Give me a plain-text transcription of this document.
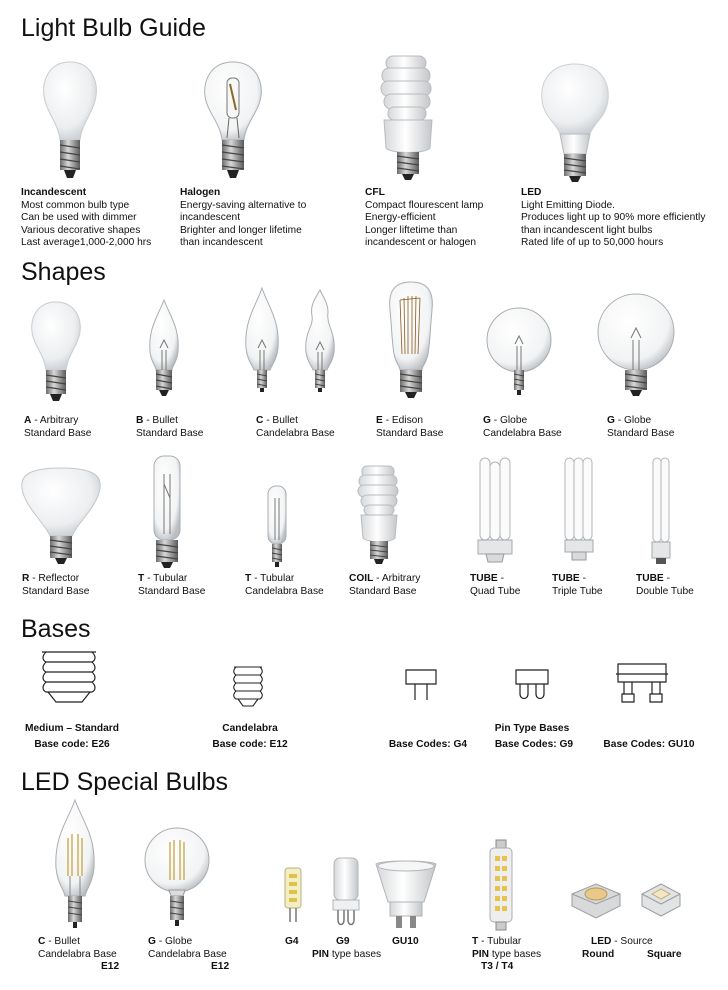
Light Bulb Guide
Incandescent
Most common bulb type
Can be used with dimmer
Various decorative shapes
Last average1,000-2,000 hrs
Halogen
Energy-saving alternative to
incandescent
Brighter and longer lifetime
than incandescent
CFL
Compact flourescent lamp
Energy-efficient
Longer liftetime than
incandescent or halogen
LED
Light Emitting Diode.
Produces light up to 90% more efficiently
than incandescent light bulbs
Rated life of up to 50,000 hours
Shapes
A - Arbitrary
Standard Base
B - Bullet
Standard Base
C - Bullet
Candelabra Base
E - Edison
Standard Base
G - Globe
Candelabra Base
G - Globe
Standard Base
R - Reflector
Standard Base
T - Tubular
Standard Base
T - Tubular
Candelabra Base
COIL - Arbitrary
Standard Base
TUBE -
Quad Tube
TUBE -
Triple Tube
TUBE -
Double Tube
Bases
Medium – Standard
Base code: E26
Candelabra
Base code: E12
Pin Type Bases
Base Codes: G4	Base Codes: G9	Base Codes: GU10
LED Special Bulbs
C - Bullet
Candelabra Base
E12
G - Globe
Candelabra Base
E12
G4	G9	GU10
PIN type bases
T - Tubular
PIN type bases
T3 / T4
LED - Source
Round	Square
